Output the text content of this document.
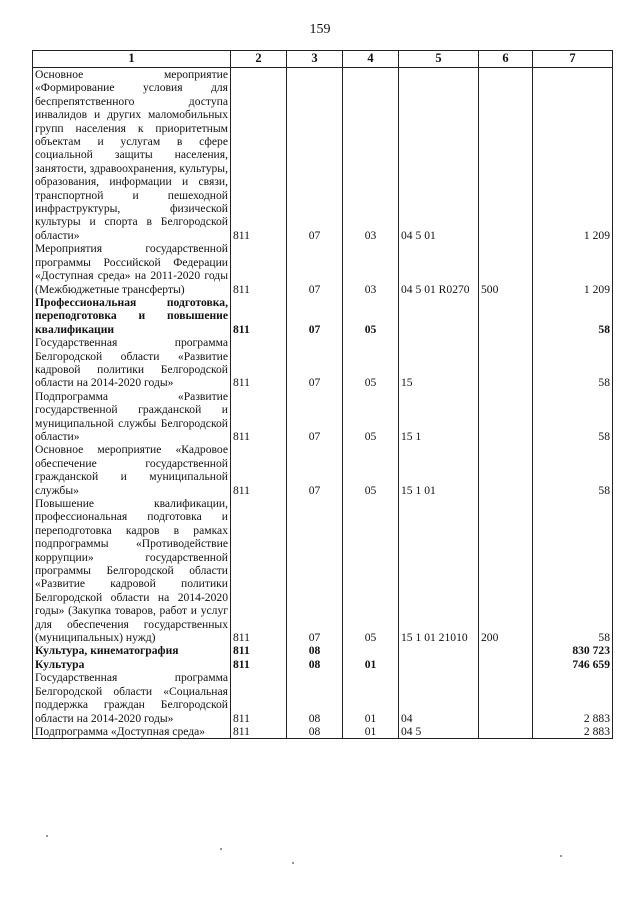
159
1	2	3	4	5	6	7
Основное мероприятие «Формирование условия для беспрепятственного доступа инвалидов и других маломобильных групп населения к приоритетным объектам и услугам в сфере социальной защиты населения, занятости, здравоохранения, культуры, образования, информации и связи, транспортной и пешеходной инфраструктуры, физической культуры и спорта в Белгородской области»	811	07	03	04 5 01		1 209
Мероприятия государственной программы Российской Федерации «Доступная среда» на 2011-2020 годы (Межбюджетные трансферты)	811	07	03	04 5 01 R0270	500	1 209
Профессиональная подготовка, переподготовка и повышение квалификации	811	07	05			58
Государственная программа Белгородской области «Развитие кадровой политики Белгородской области на 2014-2020 годы»	811	07	05	15		58
Подпрограмма «Развитие государственной гражданской и муниципальной службы Белгородской области»	811	07	05	15 1		58
Основное мероприятие «Кадровое обеспечение государственной гражданской и муниципальной службы»	811	07	05	15 1 01		58
Повышение квалификации, профессиональная подготовка и переподготовка кадров в рамках подпрограммы «Противодействие коррупции» государственной программы Белгородской области «Развитие кадровой политики Белгородской области на 2014-2020 годы» (Закупка товаров, работ и услуг для обеспечения государственных (муниципальных) нужд)	811	07	05	15 1 01 21010	200	58
Культура, кинематография	811	08				830 723
Культура	811	08	01			746 659
Государственная программа Белгородской области «Социальная поддержка граждан Белгородской области на 2014-2020 годы»	811	08	01	04		2 883
Подпрограмма «Доступная среда»	811	08	01	04 5		2 883
